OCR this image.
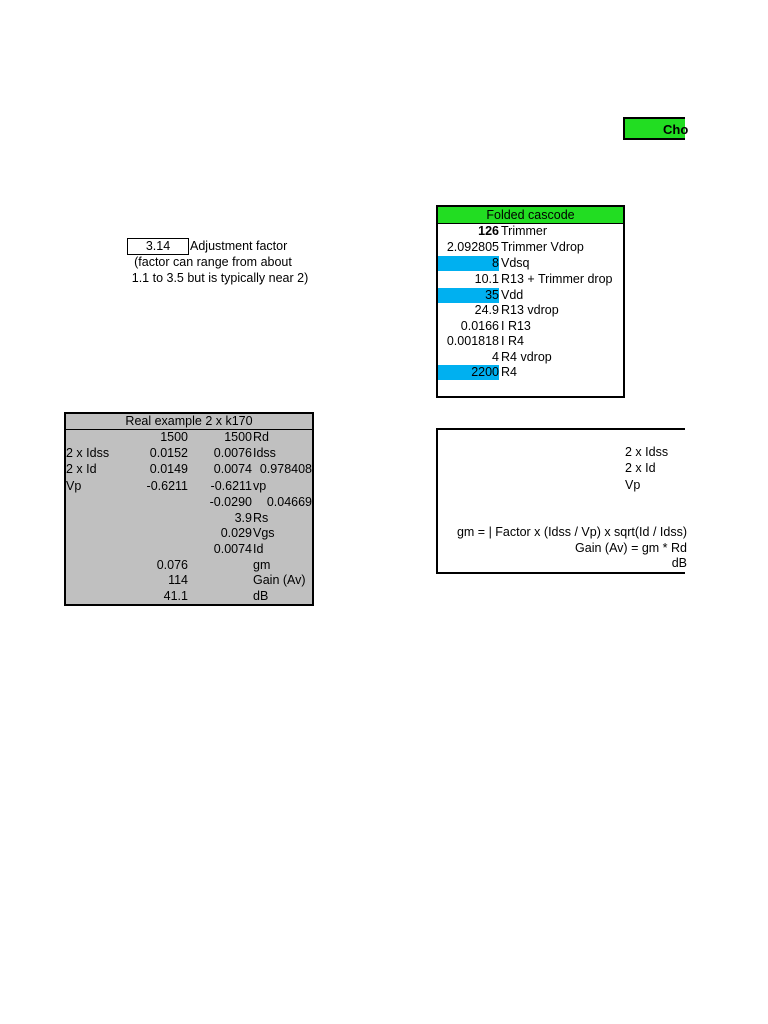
Cho
3.14	Adjustment factor
(factor can range from about
1.1 to 3.5 but is typically near 2)
Folded cascode
126 Trimmer
2.092805 Trimmer Vdrop
8 Vdsq
10.1 R13 + Trimmer drop
35 Vdd
24.9 R13 vdrop
0.0166 I R13
0.001818 I R4
4 R4 vdrop
2200 R4
Real example 2 x k170
1500	1500 Rd
2 x Idss	0.0152	0.0076 Idss
2 x Id	0.0149	0.0074 0.978408
Vp	-0.6211	-0.6211 vp
-0.0290	0.04669
3.9 Rs
0.029 Vgs
0.0074 Id
0.076	gm
114	Gain (Av)
41.1	dB
2 x Idss
2 x Id
Vp
gm = | Factor x (Idss / Vp) x sqrt(Id / Idss)
Gain (Av) = gm * Rd
dB
